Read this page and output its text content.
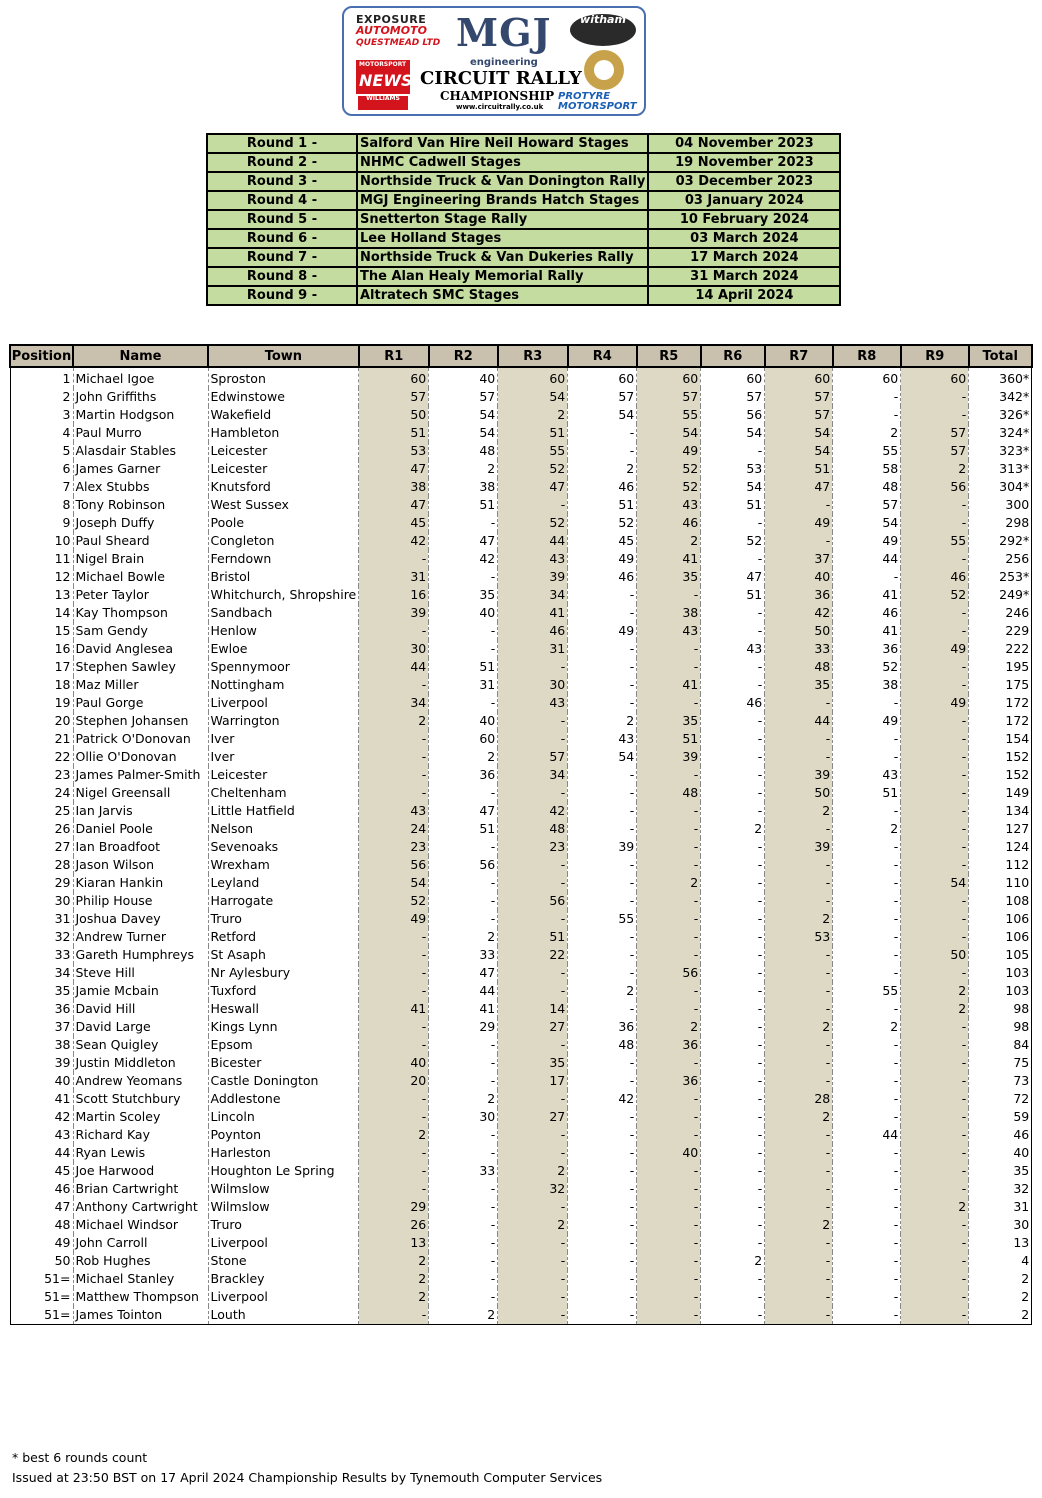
EXPOSURE
AUTOMOTO
QUESTMEAD LTD
MOTORSPORT
NEWS
WILLIAMS
MGJ
engineering
CIRCUIT RALLY
CHAMPIONSHIP
www.circuitrally.co.uk
witham
PROTYRE MOTORSPORT
Round 1 -	Salford Van Hire Neil Howard Stages	04 November 2023
Round 2 -	NHMC Cadwell Stages	19 November 2023
Round 3 -	Northside Truck & Van Donington Rally	03 December 2023
Round 4 -	MGJ Engineering Brands Hatch Stages	03 January 2024
Round 5 -	Snetterton Stage Rally	10 February 2024
Round 6 -	Lee Holland Stages	03 March 2024
Round 7 -	Northside Truck & Van Dukeries Rally	17 March 2024
Round 8 -	The Alan Healy Memorial Rally	31 March 2024
Round 9 -	Altratech SMC Stages	14 April 2024
Position	Name	Town	R1	R2	R3	R4	R5	R6	R7	R8	R9	Total
1	Michael Igoe	Sproston	60	40	60	60	60	60	60	60	60	360*
2	John Griffiths	Edwinstowe	57	57	54	57	57	57	57	-	-	342*
3	Martin Hodgson	Wakefield	50	54	2	54	55	56	57	-	-	326*
4	Paul Murro	Hambleton	51	54	51	-	54	54	54	2	57	324*
5	Alasdair Stables	Leicester	53	48	55	-	49	-	54	55	57	323*
6	James Garner	Leicester	47	2	52	2	52	53	51	58	2	313*
7	Alex Stubbs	Knutsford	38	38	47	46	52	54	47	48	56	304*
8	Tony Robinson	West Sussex	47	51	-	51	43	51	-	57	-	300
9	Joseph Duffy	Poole	45	-	52	52	46	-	49	54	-	298
10	Paul Sheard	Congleton	42	47	44	45	2	52	-	49	55	292*
11	Nigel Brain	Ferndown	-	42	43	49	41	-	37	44	-	256
12	Michael Bowle	Bristol	31	-	39	46	35	47	40	-	46	253*
13	Peter Taylor	Whitchurch, Shropshire	16	35	34	-	-	51	36	41	52	249*
14	Kay Thompson	Sandbach	39	40	41	-	38	-	42	46	-	246
15	Sam Gendy	Henlow	-	-	46	49	43	-	50	41	-	229
16	David Anglesea	Ewloe	30	-	31	-	-	43	33	36	49	222
17	Stephen Sawley	Spennymoor	44	51	-	-	-	-	48	52	-	195
18	Maz Miller	Nottingham	-	31	30	-	41	-	35	38	-	175
19	Paul Gorge	Liverpool	34	-	43	-	-	46	-	-	49	172
20	Stephen Johansen	Warrington	2	40	-	2	35	-	44	49	-	172
21	Patrick O'Donovan	Iver	-	60	-	43	51	-	-	-	-	154
22	Ollie O'Donovan	Iver	-	2	57	54	39	-	-	-	-	152
23	James Palmer-Smith	Leicester	-	36	34	-	-	-	39	43	-	152
24	Nigel Greensall	Cheltenham	-	-	-	-	48	-	50	51	-	149
25	Ian Jarvis	Little Hatfield	43	47	42	-	-	-	2	-	-	134
26	Daniel Poole	Nelson	24	51	48	-	-	2	-	2	-	127
27	Ian Broadfoot	Sevenoaks	23	-	23	39	-	-	39	-	-	124
28	Jason Wilson	Wrexham	56	56	-	-	-	-	-	-	-	112
29	Kiaran Hankin	Leyland	54	-	-	-	2	-	-	-	54	110
30	Philip House	Harrogate	52	-	56	-	-	-	-	-	-	108
31	Joshua Davey	Truro	49	-	-	55	-	-	2	-	-	106
32	Andrew Turner	Retford	-	2	51	-	-	-	53	-	-	106
33	Gareth Humphreys	St Asaph	-	33	22	-	-	-	-	-	50	105
34	Steve Hill	Nr Aylesbury	-	47	-	-	56	-	-	-	-	103
35	Jamie Mcbain	Tuxford	-	44	-	2	-	-	-	55	2	103
36	David Hill	Heswall	41	41	14	-	-	-	-	-	2	98
37	David Large	Kings Lynn	-	29	27	36	2	-	2	2	-	98
38	Sean Quigley	Epsom	-	-	-	48	36	-	-	-	-	84
39	Justin Middleton	Bicester	40	-	35	-	-	-	-	-	-	75
40	Andrew Yeomans	Castle Donington	20	-	17	-	36	-	-	-	-	73
41	Scott Stutchbury	Addlestone	-	2	-	42	-	-	28	-	-	72
42	Martin Scoley	Lincoln	-	30	27	-	-	-	2	-	-	59
43	Richard Kay	Poynton	2	-	-	-	-	-	-	44	-	46
44	Ryan Lewis	Harleston	-	-	-	-	40	-	-	-	-	40
45	Joe Harwood	Houghton Le Spring	-	33	2	-	-	-	-	-	-	35
46	Brian Cartwright	Wilmslow	-	-	32	-	-	-	-	-	-	32
47	Anthony Cartwright	Wilmslow	29	-	-	-	-	-	-	-	2	31
48	Michael Windsor	Truro	26	-	2	-	-	-	2	-	-	30
49	John Carroll	Liverpool	13	-	-	-	-	-	-	-	-	13
50	Rob Hughes	Stone	2	-	-	-	-	2	-	-	-	4
51=	Michael Stanley	Brackley	2	-	-	-	-	-	-	-	-	2
51=	Matthew Thompson	Liverpool	2	-	-	-	-	-	-	-	-	2
51=	James Tointon	Louth	-	2	-	-	-	-	-	-	-	2
* best 6 rounds count
Issued at 23:50 BST on 17 April 2024 Championship Results by Tynemouth Computer Services
